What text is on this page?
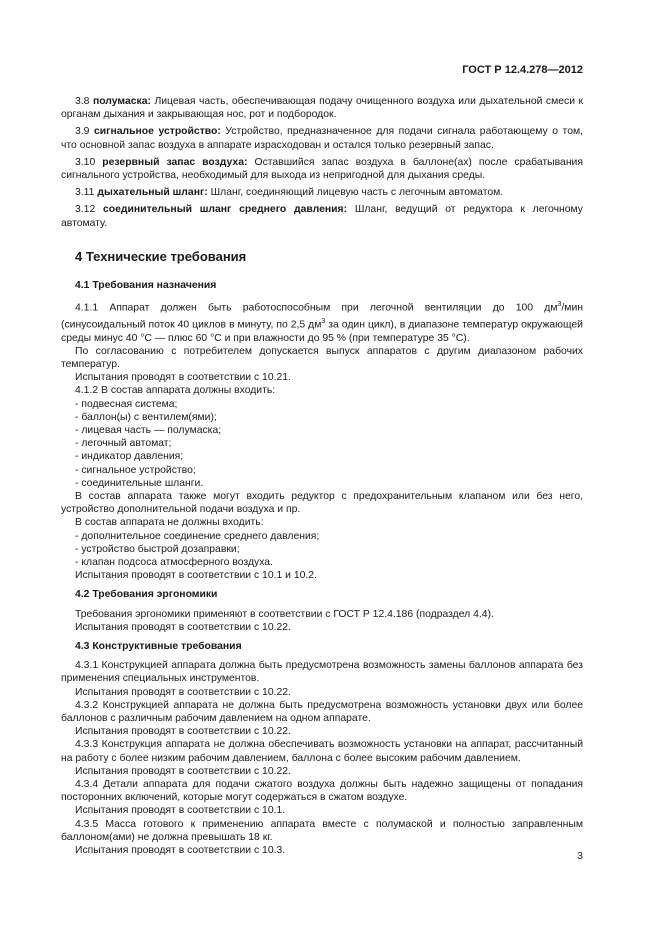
ГОСТ Р 12.4.278—2012

3.8 полумаска: Лицевая часть, обеспечивающая подачу очищенного воздуха или дыхательной смеси к органам дыхания и закрывающая нос, рот и подбородок.

3.9 сигнальное устройство: Устройство, предназначенное для подачи сигнала работающему о том, что основной запас воздуха в аппарате израсходован и остался только резервный запас.

3.10 резервный запас воздуха: Оставшийся запас воздуха в баллоне(ах) после срабатывания сигнального устройства, необходимый для выхода из непригодной для дыхания среды.

3.11 дыхательный шланг: Шланг, соединяющий лицевую часть с легочным автоматом.

3.12 соединительный шланг среднего давления: Шланг, ведущий от редуктора к легочному автомату.

4 Технические требования
4.1 Требования назначения

4.1.1 Аппарат должен быть работоспособным при легочной вентиляции до 100 $дм^3$/мин (синусоидальный поток 40 циклов в минуту, по 2,5 $дм^3$ за один цикл), в диапазоне температур окружающей среды минус 40 °С — плюс 60 °С и при влажности до 95 % (при температуре 35 °С).

По согласованию с потребителем допускается выпуск аппаратов с другим диапазоном рабочих температур.

Испытания проводят в соответствии с 10.21.

4.1.2 В состав аппарата должны входить:

- подвесная система;

- баллон(ы) с вентилем(ями);

- лицевая часть — полумаска;

- легочный автомат;

- индикатор давления;

- сигнальное устройство;

- соединительные шланги.

В состав аппарата также могут входить редуктор с предохранительным клапаном или без него, устройство дополнительной подачи воздуха и пр.

В состав аппарата не должны входить:

- дополнительное соединение среднего давления;

- устройство быстрой дозаправки;

- клапан подсоса атмосферного воздуха.

Испытания проводят в соответствии с 10.1 и 10.2.

4.2 Требования эргономики

Требования эргономики применяют в соответствии с ГОСТ Р 12.4.186 (подраздел 4.4).

Испытания проводят в соответствии с 10.22.

4.3 Конструктивные требования

4.3.1 Конструкцией аппарата должна быть предусмотрена возможность замены баллонов аппарата без применения специальных инструментов.

Испытания проводят в соответствии с 10.22.

4.3.2 Конструкцией аппарата не должна быть предусмотрена возможность установки двух или более баллонов с различным рабочим давлением на одном аппарате.

Испытания проводят в соответствии с 10.22.

4.3.3 Конструкция аппарата не должна обеспечивать возможность установки на аппарат, рассчитанный на работу с более низким рабочим давлением, баллона с более высоким рабочим давлением.

Испытания проводят в соответствии с 10.22.

4.3.4 Детали аппарата для подачи сжатого воздуха должны быть надежно защищены от попадания посторонних включений, которые могут содержаться в сжатом воздухе.

Испытания проводят в соответствии с 10.1.

4.3.5 Масса готового к применению аппарата вместе с полумаской и полностью заправленным баллоном(ами) не должна превышать 18 кг.

Испытания проводят в соответствии с 10.3.	3
